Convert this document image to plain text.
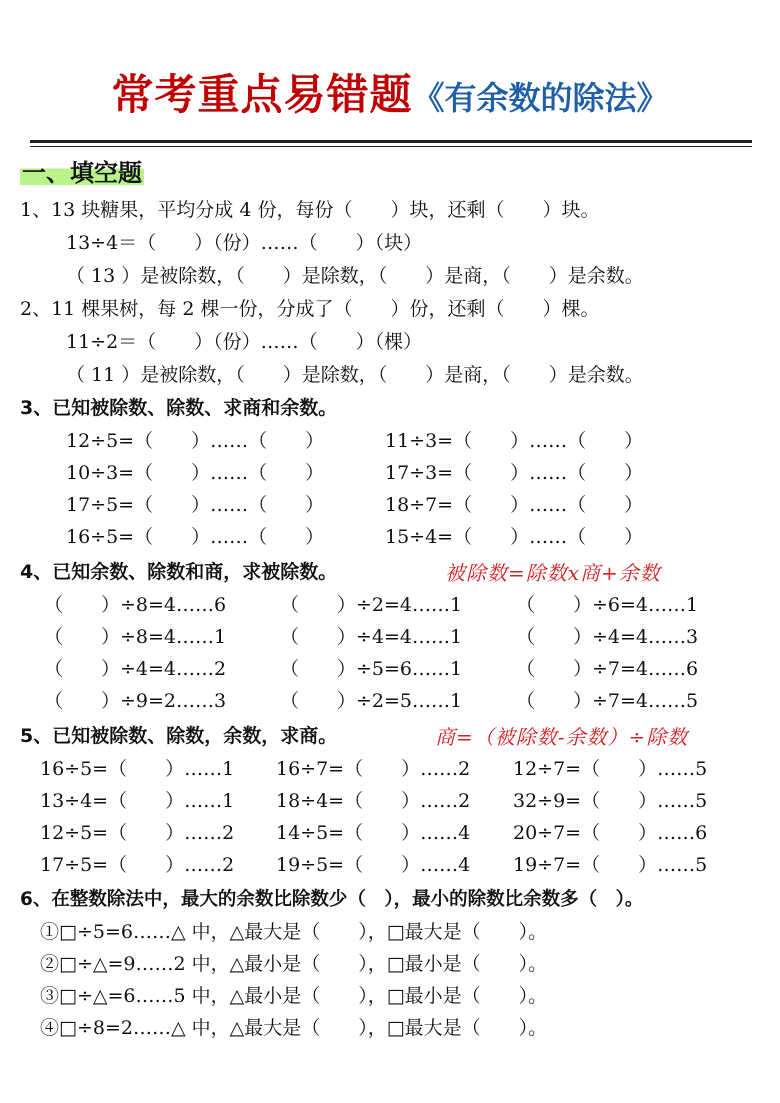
常考重点易错题《有余数的除法》
一、填空题
1、13 块糖果，平均分成 4 份，每份（　　）块，还剩（　　）块。
13÷4＝（　　）（份）……（　　）（块）
（ 13 ）是被除数，（　　）是除数，（　　）是商，（　　）是余数。
2、11 棵果树，每 2 棵一份，分成了（　　）份，还剩（　　）棵。
11÷2＝（　　）（份）……（　　）（棵）
（ 11 ）是被除数，（　　）是除数，（　　）是商，（　　）是余数。
3、已知被除数、除数、求商和余数。
12÷5=（　　）……（　　）	11÷3=（　　）……（　　）
10÷3=（　　）……（　　）	17÷3=（　　）……（　　）
17÷5=（　　）……（　　）	18÷7=（　　）……（　　）
16÷5=（　　）……（　　）	15÷4=（　　）……（　　）
4、已知余数、除数和商，求被除数。	被除数=除数x商+余数
（　　）÷8=4……6	（　　）÷2=4……1	（　　）÷6=4……1
（　　）÷8=4……1	（　　）÷4=4……1	（　　）÷4=4……3
（　　）÷4=4……2	（　　）÷5=6……1	（　　）÷7=4……6
（　　）÷9=2……3	（　　）÷2=5……1	（　　）÷7=4……5
5、已知被除数、除数，余数，求商。	商=（被除数-余数）÷除数
16÷5=（　　）……1 16÷7=（　　）……2 12÷7=（　　）……5
13÷4=（　　）……1 18÷4=（　　）……2 32÷9=（　　）……5
12÷5=（　　）……2 14÷5=（　　）……4 20÷7=（　　）……6
17÷5=（　　）……2 19÷5=（　　）……4 19÷7=（　　）……5
6、在整数除法中，最大的余数比除数少（　），最小的除数比余数多（　）。
①□÷5=6……△ 中，△最大是（　　），□最大是（　　）。
②□÷△=9……2 中，△最小是（　　），□最小是（　　）。
③□÷△=6……5 中，△最小是（　　），□最小是（　　）。
④□÷8=2……△ 中，△最大是（　　），□最大是（　　）。
